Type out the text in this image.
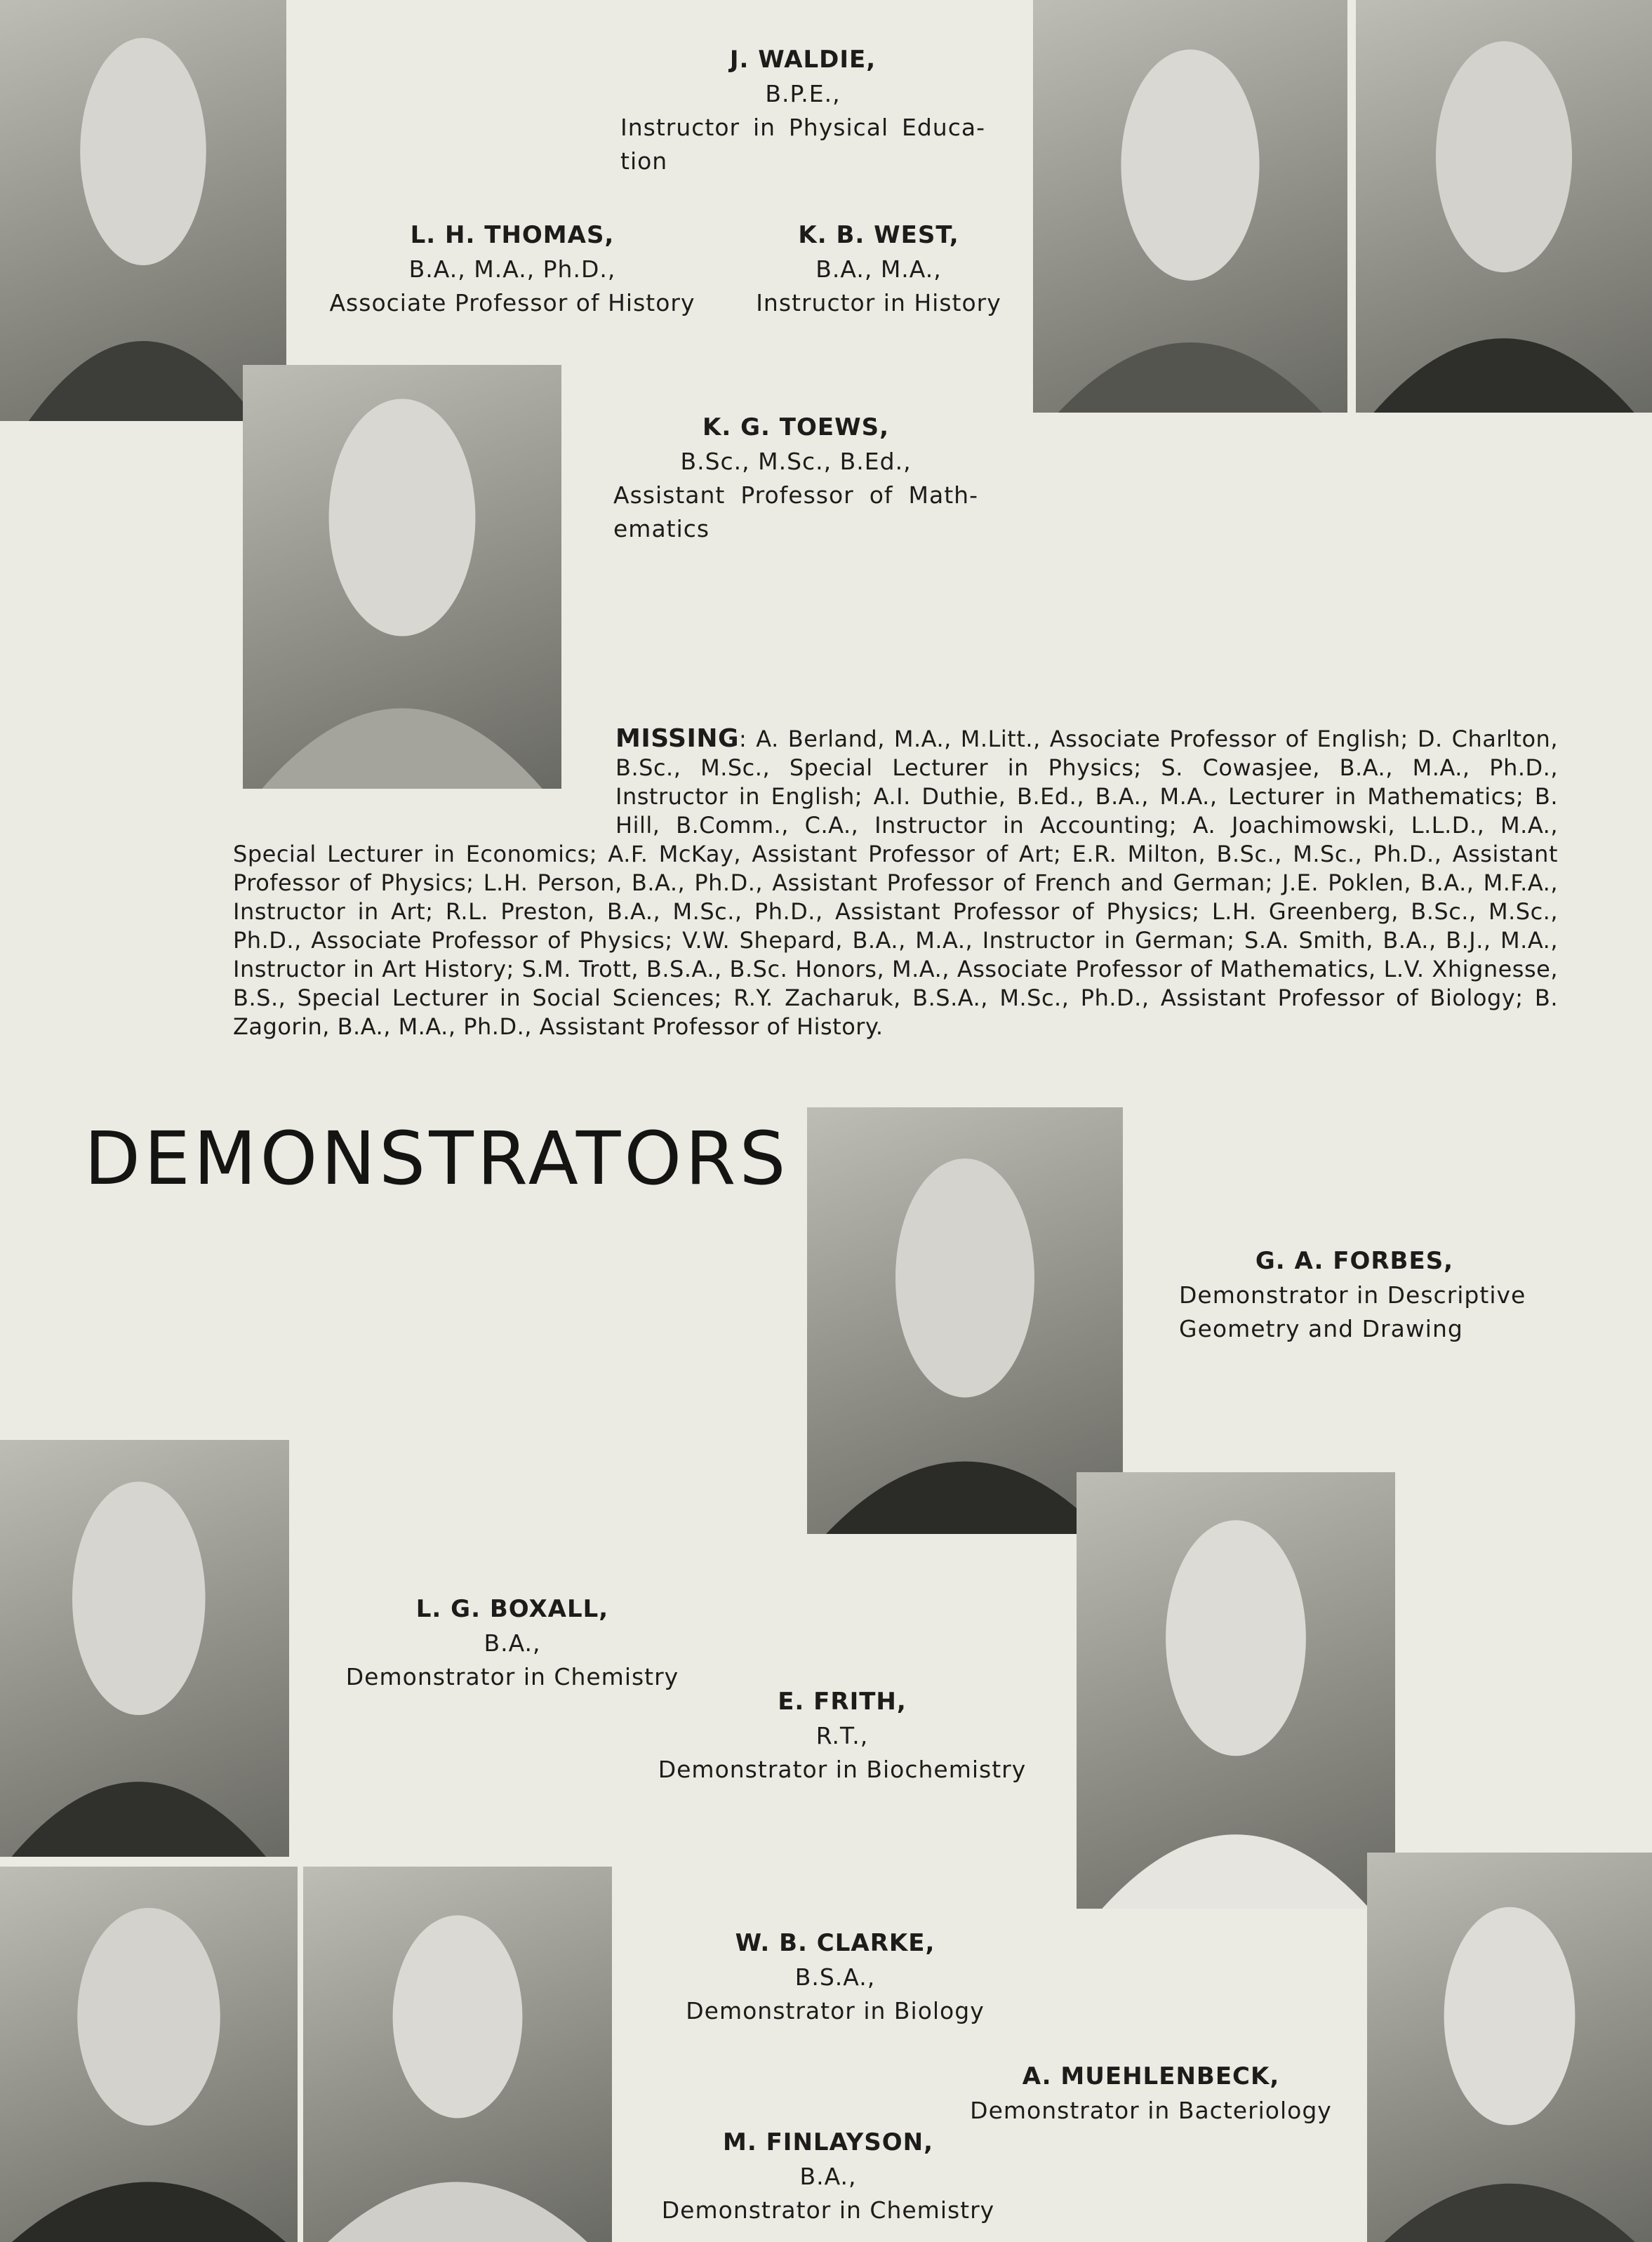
J. WALDIE,
B.P.E.,
Instructor in Physical Educa-
tion
L. H. THOMAS,
B.A., M.A., Ph.D.,
Associate Professor of History
K. B. WEST,
B.A., M.A.,
Instructor in History
K. G. TOEWS,
B.Sc., M.Sc., B.Ed.,
Assistant Professor of Math-
ematics
MISSING: A. Berland, M.A., M.Litt., Associate Professor of English; D. Charlton, B.Sc., M.Sc., Special Lecturer in Physics; S. Cowasjee, B.A., M.A., Ph.D., Instructor in English; A.I. Duthie, B.Ed., B.A., M.A., Lecturer in Mathematics; B. Hill, B.Comm., C.A., Instructor in Accounting; A. Joachimowski, L.L.D., M.A., Special Lecturer in Economics; A.F. McKay, Assistant Professor of Art; E.R. Milton, B.Sc., M.Sc., Ph.D., Assistant Professor of Physics; L.H. Person, B.A., Ph.D., Assistant Professor of French and German; J.E. Poklen, B.A., M.F.A., Instructor in Art; R.L. Preston, B.A., M.Sc., Ph.D., Assistant Professor of Physics; L.H. Greenberg, B.Sc., M.Sc., Ph.D., Associate Professor of Physics; V.W. Shepard, B.A., M.A., Instructor in German; S.A. Smith, B.A., B.J., M.A., Instructor in Art History; S.M. Trott, B.S.A., B.Sc. Honors, M.A., Associate Professor of Mathematics, L.V. Xhignesse, B.S., Special Lecturer in Social Sciences; R.Y. Zacharuk, B.S.A., M.Sc., Ph.D., Assistant Professor of Biology; B. Zagorin, B.A., M.A., Ph.D., Assistant Professor of History.
DEMONSTRATORS
G. A. FORBES,
Demonstrator in Descriptive
Geometry and Drawing
L. G. BOXALL,
B.A.,
Demonstrator in Chemistry
E. FRITH,
R.T.,
Demonstrator in Biochemistry
W. B. CLARKE,
B.S.A.,
Demonstrator in Biology
A. MUEHLENBECK,
Demonstrator in Bacteriology
M. FINLAYSON,
B.A.,
Demonstrator in Chemistry
